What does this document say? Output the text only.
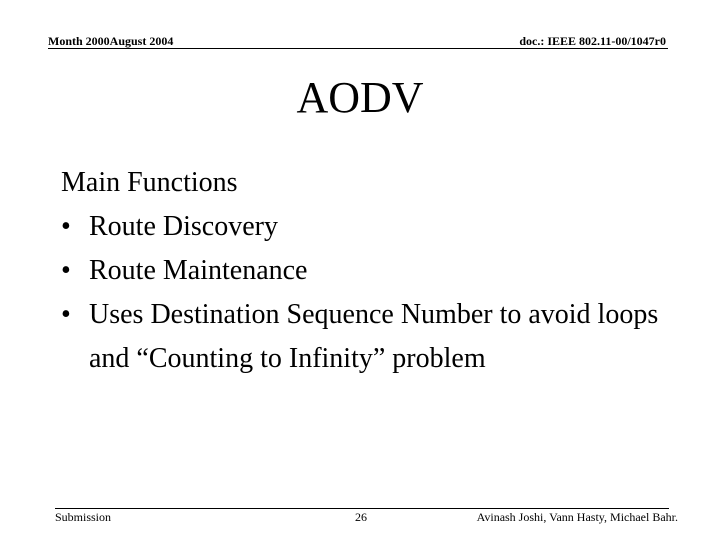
Month 2000August 2004	doc.: IEEE 802.11-00/1047r0
AODV

Main Functions

• Route Discovery
• Route Maintenance
• Uses Destination Sequence Number to avoid loops and “Counting to Infinity” problem
Submission	26	Avinash Joshi, Vann Hasty, Michael Bahr.
